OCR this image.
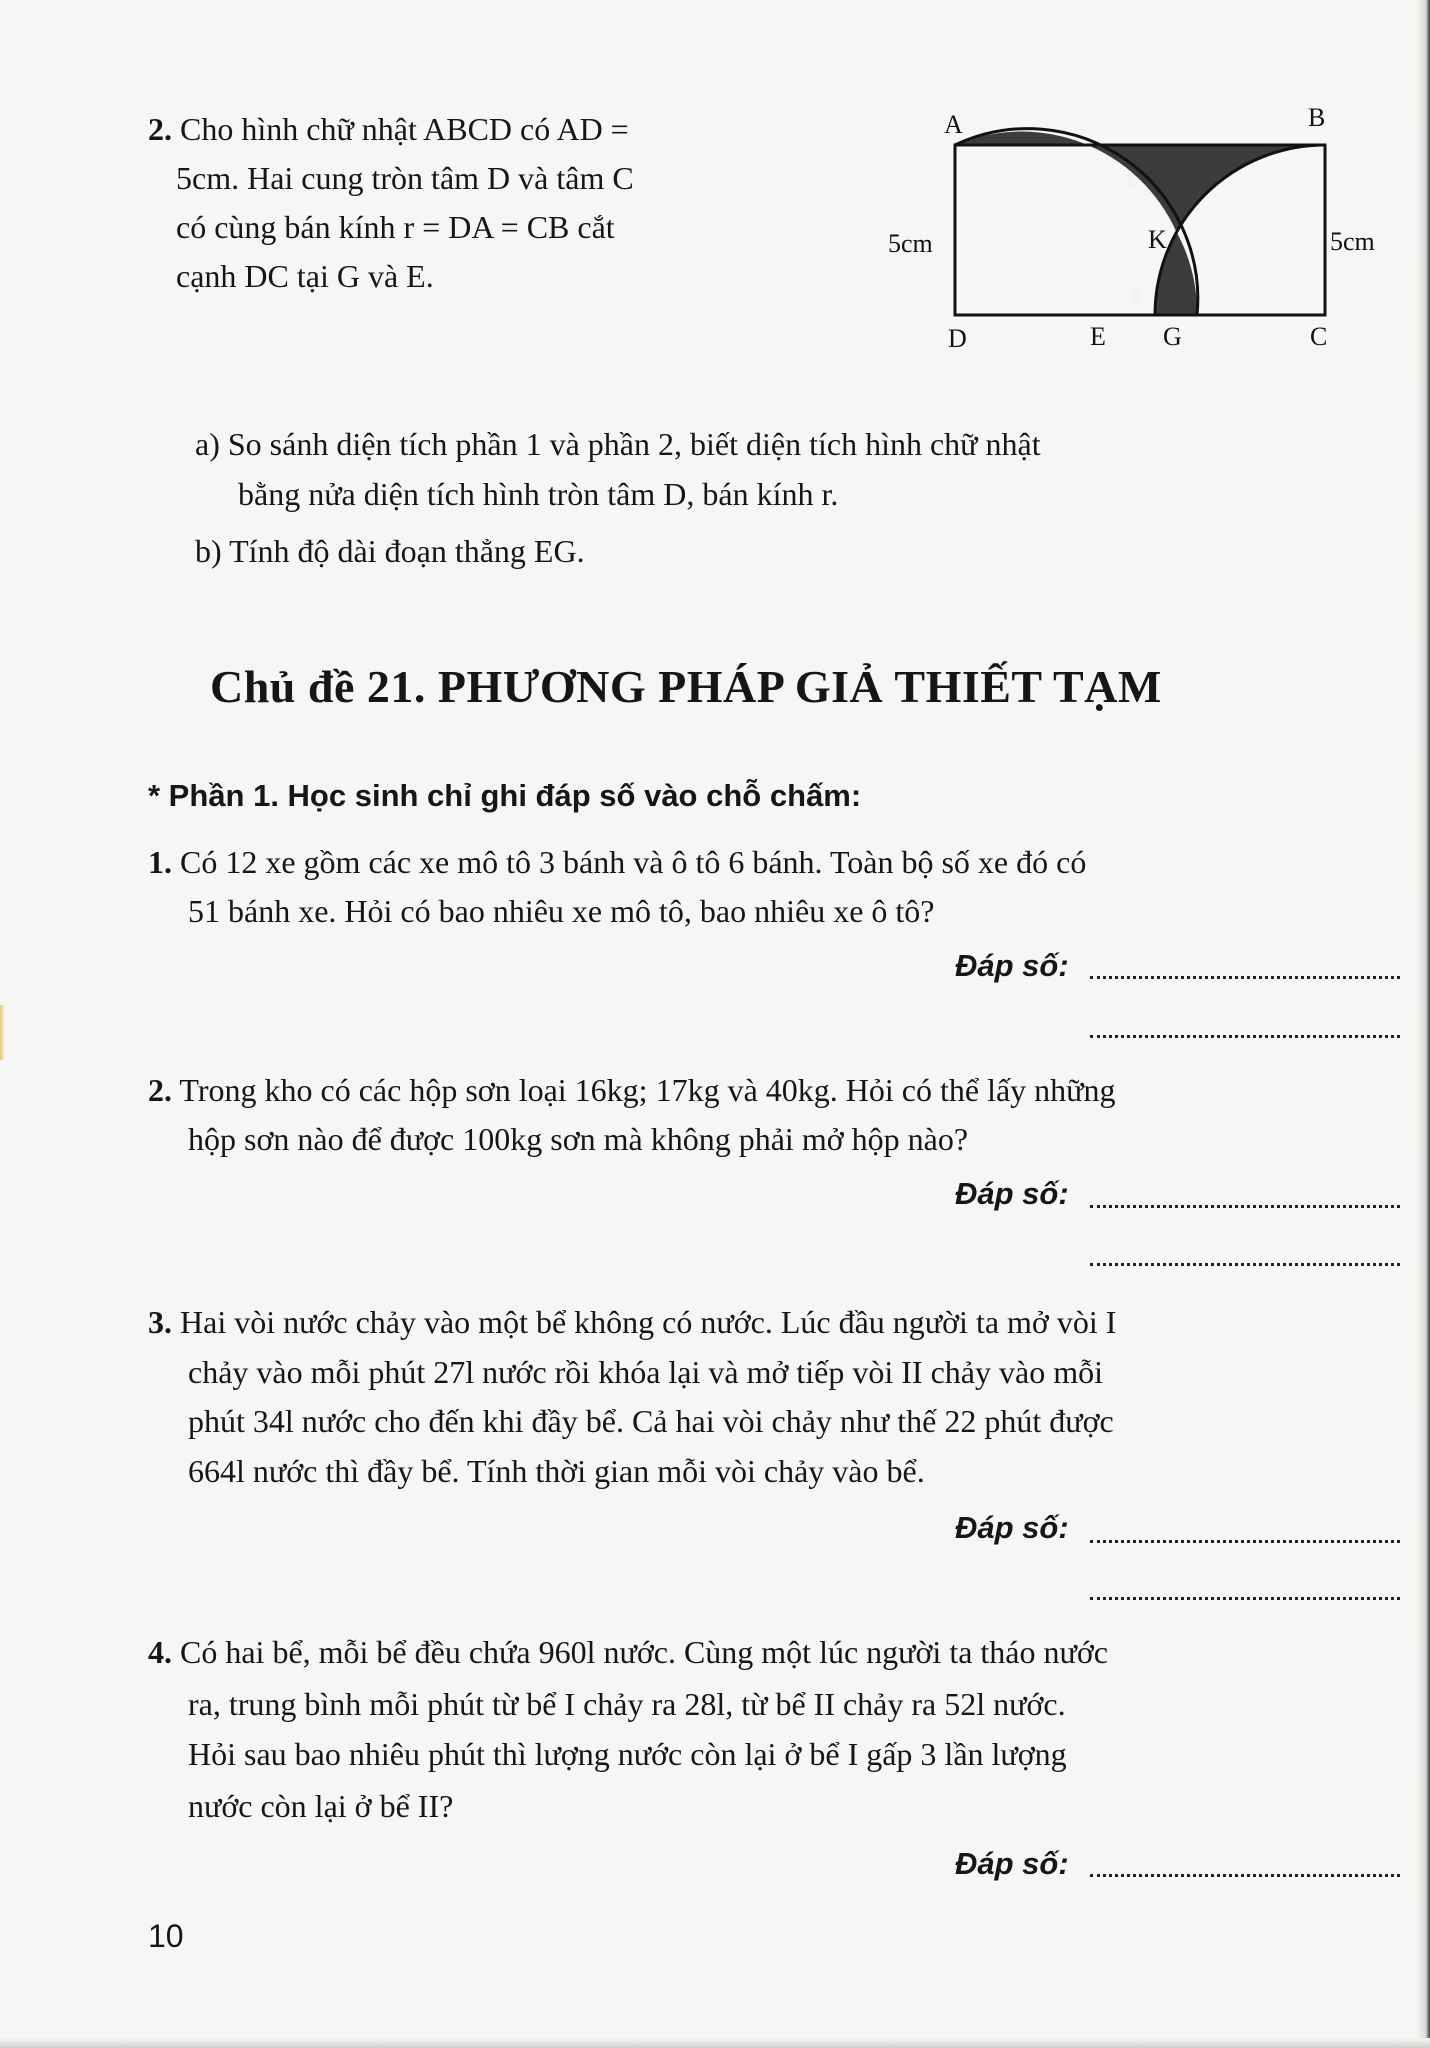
2. Cho hình chữ nhật ABCD có AD =
5cm. Hai cung tròn tâm D và tâm C
có cùng bán kính r = DA = CB cắt
cạnh DC tại G và E.
A	B
C
D	E G
K
5cm	5cm
1
2

a) So sánh diện tích phần 1 và phần 2, biết diện tích hình chữ nhật

bằng nửa diện tích hình tròn tâm D, bán kính r.

b) Tính độ dài đoạn thẳng EG.

Chủ đề 21. PHƯƠNG PHÁP GIẢ THIẾT TẠM
* Phần 1. Học sinh chỉ ghi đáp số vào chỗ chấm:

1. Có 12 xe gồm các xe mô tô 3 bánh và ô tô 6 bánh. Toàn bộ số xe đó có

51 bánh xe. Hỏi có bao nhiêu xe mô tô, bao nhiêu xe ô tô?

Đáp số:

2. Trong kho có các hộp sơn loại 16kg; 17kg và 40kg. Hỏi có thể lấy những

hộp sơn nào để được 100kg sơn mà không phải mở hộp nào?

Đáp số:

3. Hai vòi nước chảy vào một bể không có nước. Lúc đầu người ta mở vòi I

chảy vào mỗi phút 27l nước rồi khóa lại và mở tiếp vòi II chảy vào mỗi

phút 34l nước cho đến khi đầy bể. Cả hai vòi chảy như thế 22 phút được

664l nước thì đầy bể. Tính thời gian mỗi vòi chảy vào bể.

Đáp số:

4. Có hai bể, mỗi bể đều chứa 960l nước. Cùng một lúc người ta tháo nước

ra, trung bình mỗi phút từ bể I chảy ra 28l, từ bể II chảy ra 52l nước.

Hỏi sau bao nhiêu phút thì lượng nước còn lại ở bể I gấp 3 lần lượng

nước còn lại ở bể II?

Đáp số:
10
